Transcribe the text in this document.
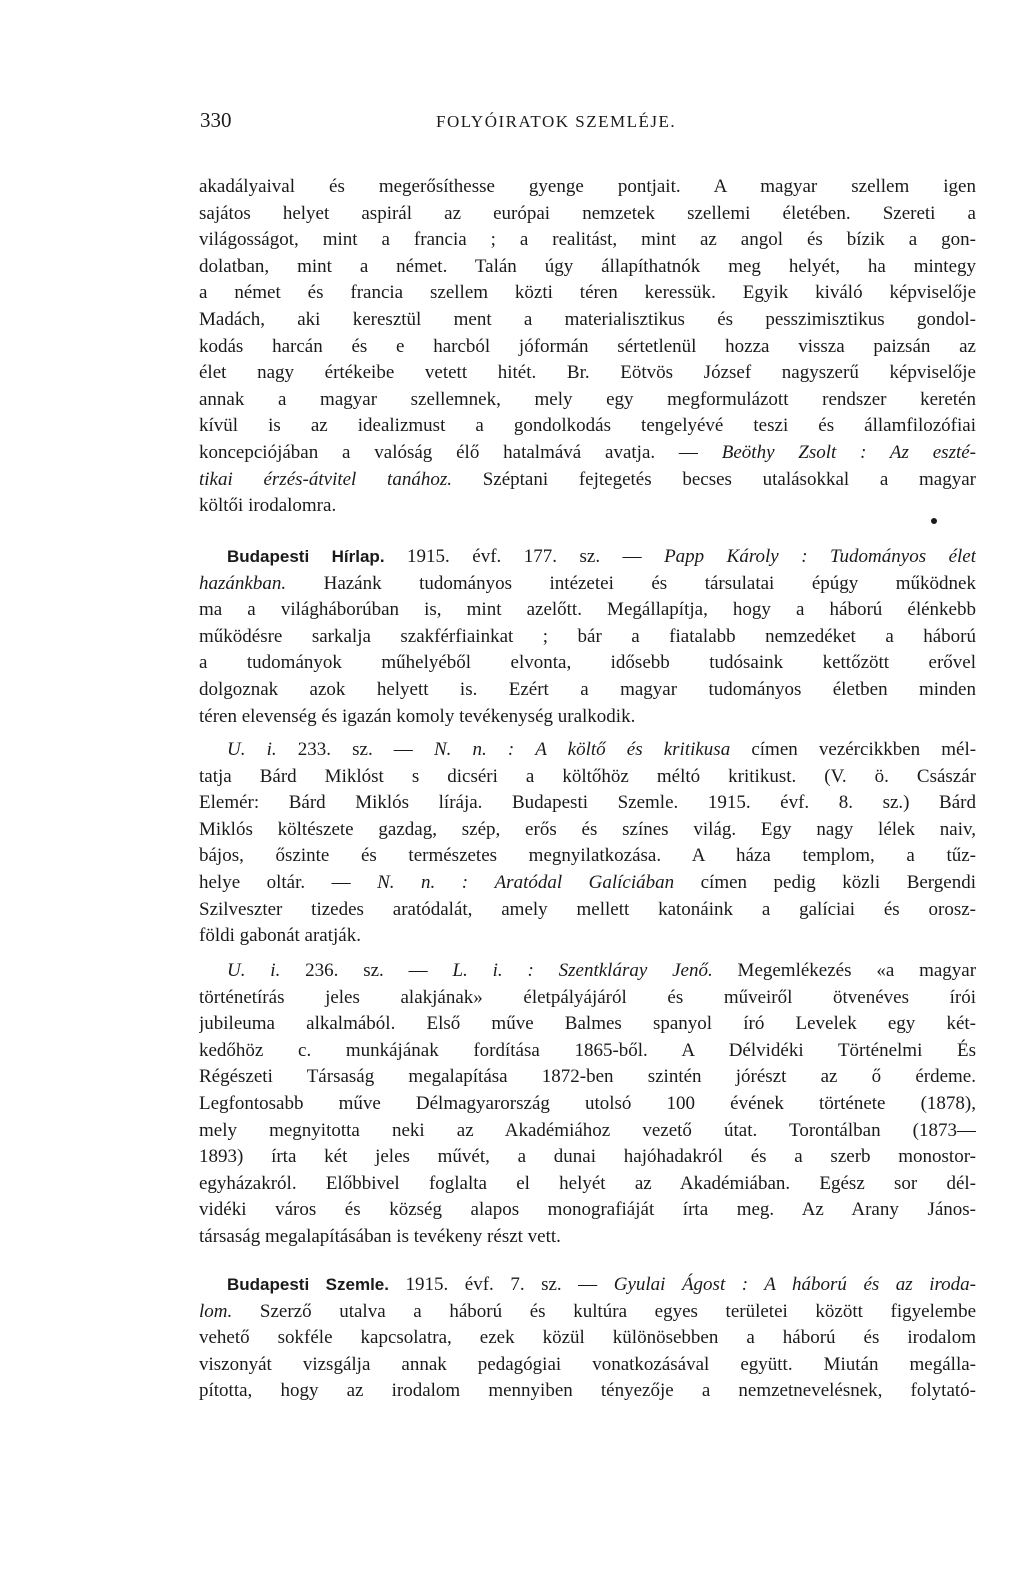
330	FOLYÓIRATOK SZEMLÉJE.
akadályaival és megerősíthesse gyenge pontjait. A magyar szellem igen
sajátos helyet aspirál az európai nemzetek szellemi életében. Szereti a
világosságot, mint a francia ; a realitást, mint az angol és bízik a gon-
dolatban, mint a német. Talán úgy állapíthatnók meg helyét, ha mintegy
a német és francia szellem közti téren keressük. Egyik kiváló képviselője
Madách, aki keresztül ment a materialisztikus és pesszimisztikus gondol-
kodás harcán és e harcból jóformán sértetlenül hozza vissza paizsán az
élet nagy értékeibe vetett hitét. Br. Eötvös József nagyszerű képviselője
annak a magyar szellemnek, mely egy megformulázott rendszer keretén
kívül is az idealizmust a gondolkodás tengelyévé teszi és államfilozófiai
koncepciójában a valóság élő hatalmává avatja. — Beöthy Zsolt : Az eszté-
tikai érzés-átvitel tanához. Széptani fejtegetés becses utalásokkal a magyar
költői irodalomra.
Budapesti Hírlap. 1915. évf. 177. sz. — Papp Károly : Tudományos élet
hazánkban. Hazánk tudományos intézetei és társulatai épúgy működnek
ma a világháborúban is, mint azelőtt. Megállapítja, hogy a háború élénkebb
működésre sarkalja szakférfiainkat ; bár a fiatalabb nemzedéket a háború
a tudományok műhelyéből elvonta, idősebb tudósaink kettőzött erővel
dolgoznak azok helyett is. Ezért a magyar tudományos életben minden
téren elevenség és igazán komoly tevékenység uralkodik.
U. i. 233. sz. — N. n. : A költő és kritikusa címen vezércikkben mél-
tatja Bárd Miklóst s dicséri a költőhöz méltó kritikust. (V. ö. Császár
Elemér: Bárd Miklós lírája. Budapesti Szemle. 1915. évf. 8. sz.) Bárd
Miklós költészete gazdag, szép, erős és színes világ. Egy nagy lélek naiv,
bájos, őszinte és természetes megnyilatkozása. A háza templom, a tűz-
helye oltár. — N. n. : Aratódal Galíciában címen pedig közli Bergendi
Szilveszter tizedes aratódalát, amely mellett katonáink a galíciai és orosz-
földi gabonát aratják.
U. i. 236. sz. — L. i. : Szentkláray Jenő. Megemlékezés «a magyar
történetírás jeles alakjának» életpályájáról és műveiről ötvenéves írói
jubileuma alkalmából. Első műve Balmes spanyol író Levelek egy két-
kedőhöz c. munkájának fordítása 1865-ből. A Délvidéki Történelmi És
Régészeti Társaság megalapítása 1872-ben szintén jórészt az ő érdeme.
Legfontosabb műve Délmagyarország utolsó 100 évének története (1878),
mely megnyitotta neki az Akadémiához vezető útat. Torontálban (1873—
1893) írta két jeles művét, a dunai hajóhadakról és a szerb monostor-
egyházakról. Előbbivel foglalta el helyét az Akadémiában. Egész sor dél-
vidéki város és község alapos monografiáját írta meg. Az Arany János-
társaság megalapításában is tevékeny részt vett.
Budapesti Szemle. 1915. évf. 7. sz. — Gyulai Ágost : A háború és az iroda-
lom. Szerző utalva a háború és kultúra egyes területei között figyelembe
vehető sokféle kapcsolatra, ezek közül különösebben a háború és irodalom
viszonyát vizsgálja annak pedagógiai vonatkozásával együtt. Miután megálla-
pította, hogy az irodalom mennyiben tényezője a nemzetnevelésnek, folytató-
